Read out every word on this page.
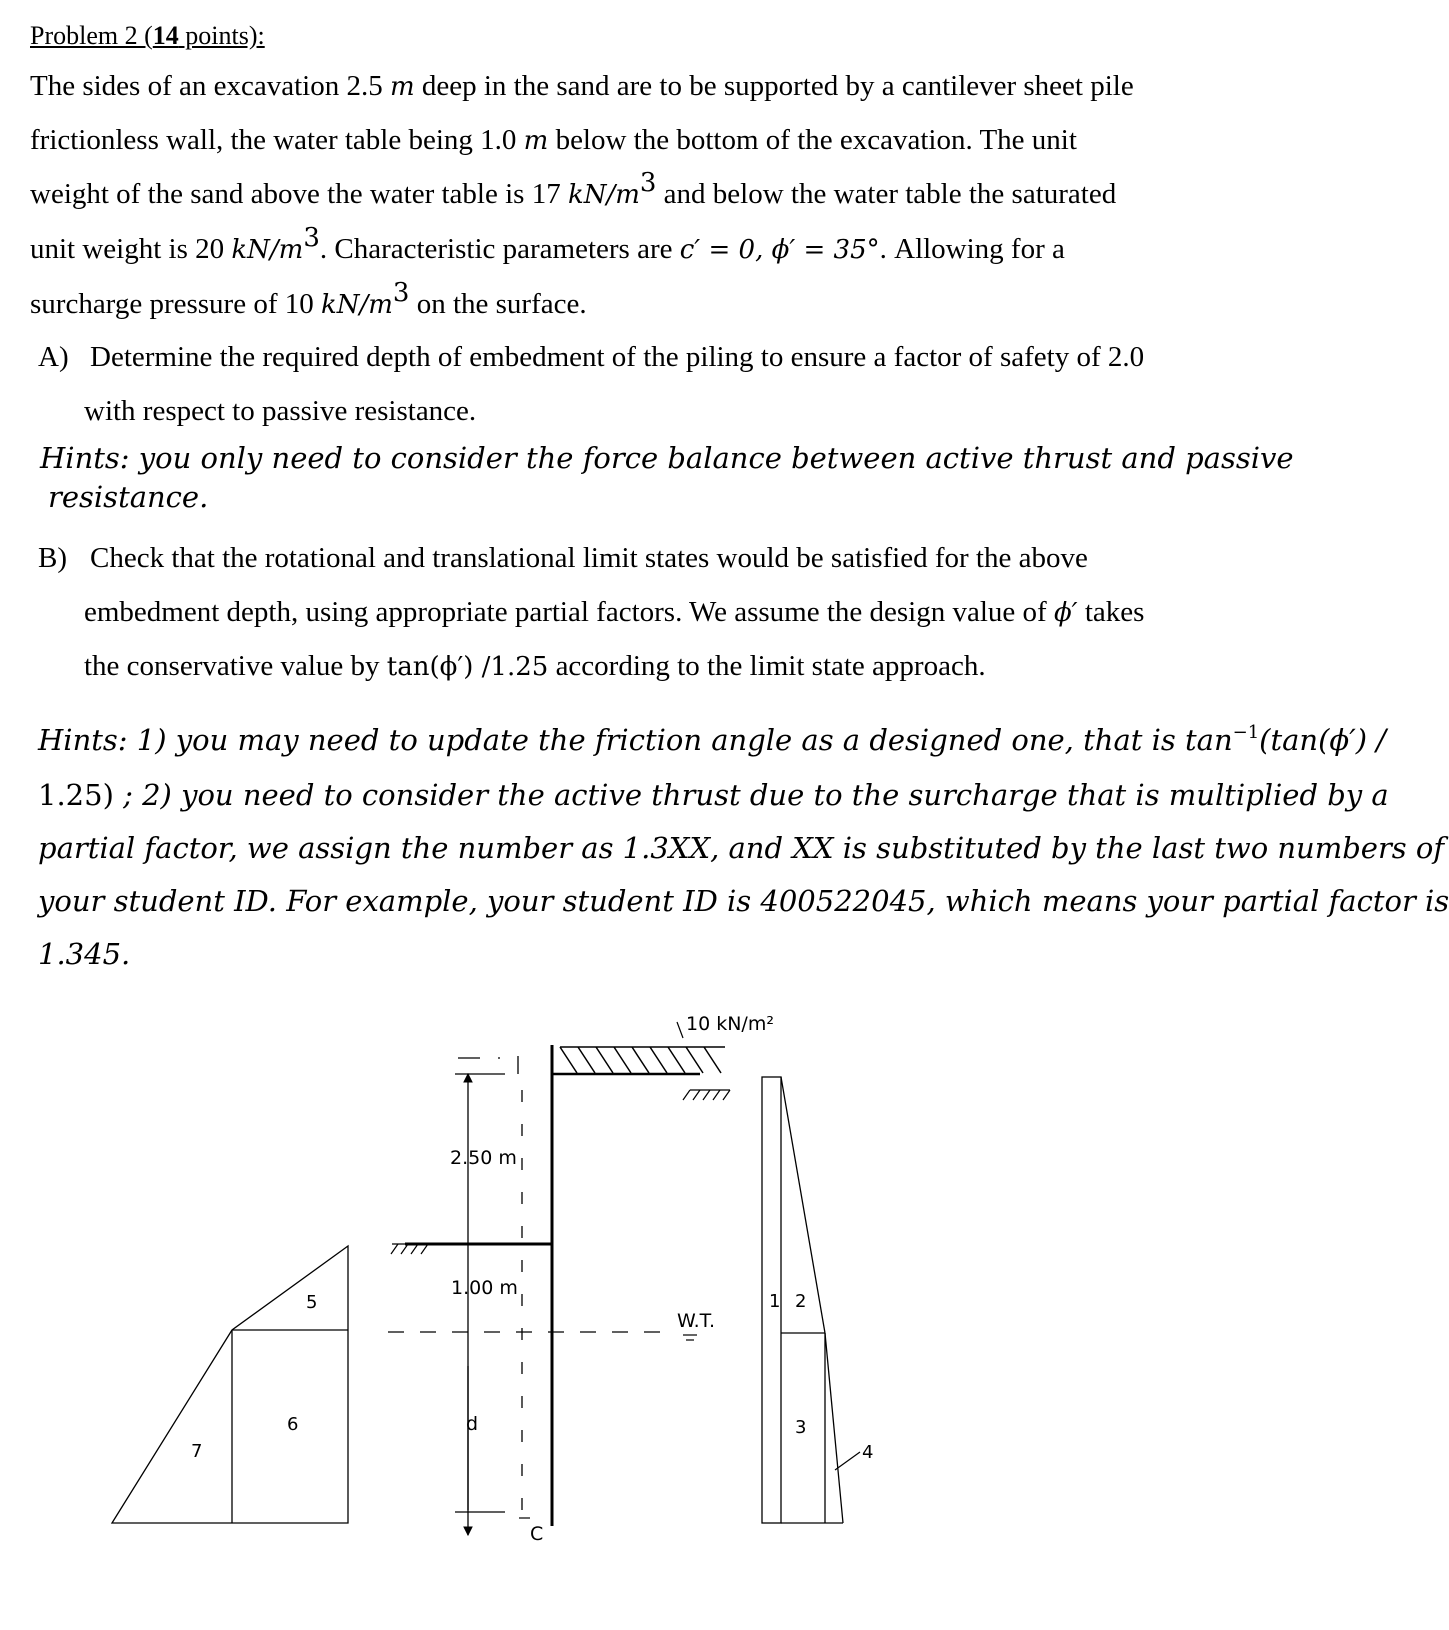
Problem 2 (14 points):
The sides of an excavation 2.5 m deep in the sand are to be supported by a cantilever sheet pile
frictionless wall, the water table being 1.0 m below the bottom of the excavation. The unit
weight of the sand above the water table is 17 $kN/m^3$ and below the water table the saturated
unit weight is 20 $kN/m^3$. Characteristic parameters are c′ = 0, ϕ′ = 35°. Allowing for a
surcharge pressure of 10 $kN/m^3$ on the surface.
A) Determine the required depth of embedment of the piling to ensure a factor of safety of 2.0
with respect to passive resistance.
Hints: you only need to consider the force balance between active thrust and passive
resistance.
B) Check that the rotational and translational limit states would be satisfied for the above
embedment depth, using appropriate partial factors. We assume the design value of ϕ′ takes
the conservative value by tan(ϕ′) /1.25 according to the limit state approach.
Hints: 1) you may need to update the friction angle as a designed one, that is $\tan^{-1}(\tan(\phi')$ /
1.25) ; 2) you need to consider the active thrust due to the surcharge that is multiplied by a
partial factor, we assign the number as 1.3XX, and XX is substituted by the last two numbers of
your student ID. For example, your student ID is 400522045, which means your partial factor is
1.345.
10 kN/m²
2.50 m
1.00 m
W.T.
d
C
1 2
3
4
5
6
7
